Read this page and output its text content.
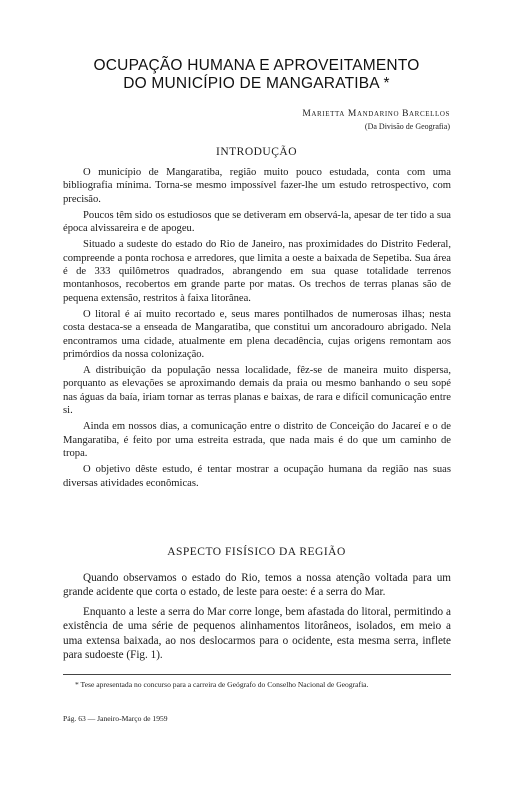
OCUPAÇÃO HUMANA E APROVEITAMENTO
DO MUNICÍPIO DE MANGARATIBA *
Marietta Mandarino Barcellos
(Da Divisão de Geografia)
INTRODUÇÃO

O município de Mangaratiba, região muito pouco estudada, conta com uma bibliografia mínima. Torna-se mesmo impossível fazer-lhe um estudo retrospectivo, com precisão.

Poucos têm sido os estudiosos que se detiveram em observá-la, apesar de ter tido a sua época alvissareira e de apogeu.

Situado a sudeste do estado do Rio de Janeiro, nas proximidades do Distrito Federal, compreende a ponta rochosa e arredores, que limita a oeste a baixada de Sepetiba. Sua área é de 333 quilômetros quadrados, abrangendo em sua quase totalidade terrenos montanhosos, recobertos em grande parte por matas. Os trechos de terras planas são de pequena extensão, restritos à faixa litorânea.

O litoral é aí muito recortado e, seus mares pontilhados de numerosas ilhas; nesta costa destaca-se a enseada de Mangaratiba, que constitui um ancoradouro abrigado. Nela encontramos uma cidade, atualmente em plena decadência, cujas origens remontam aos primórdios da nossa colonização.

A distribuição da população nessa localidade, fêz-se de maneira muito dispersa, porquanto as elevações se aproximando demais da praia ou mesmo banhando o seu sopé nas águas da baía, iriam tornar as terras planas e baixas, de rara e difícil comunicação entre si.

Ainda em nossos dias, a comunicação entre o distrito de Conceição do Jacareí e o de Mangaratiba, é feito por uma estreita estrada, que nada mais é do que um caminho de tropa.

O objetivo dêste estudo, é tentar mostrar a ocupação humana da região nas suas diversas atividades econômicas.

ASPECTO FISÍSICO DA REGIÃO

Quando observamos o estado do Rio, temos a nossa atenção voltada para um grande acidente que corta o estado, de leste para oeste: é a serra do Mar.

Enquanto a leste a serra do Mar corre longe, bem afastada do litoral, permitindo a existência de uma série de pequenos alinhamentos litorâneos, isolados, em meio a uma extensa baixada, ao nos deslocarmos para o ocidente, esta mesma serra, inflete para sudoeste (Fig. 1).

* Tese apresentada no concurso para a carreira de Geógrafo do Conselho Nacional de Geografia.
Pág. 63 — Janeiro-Março de 1959
